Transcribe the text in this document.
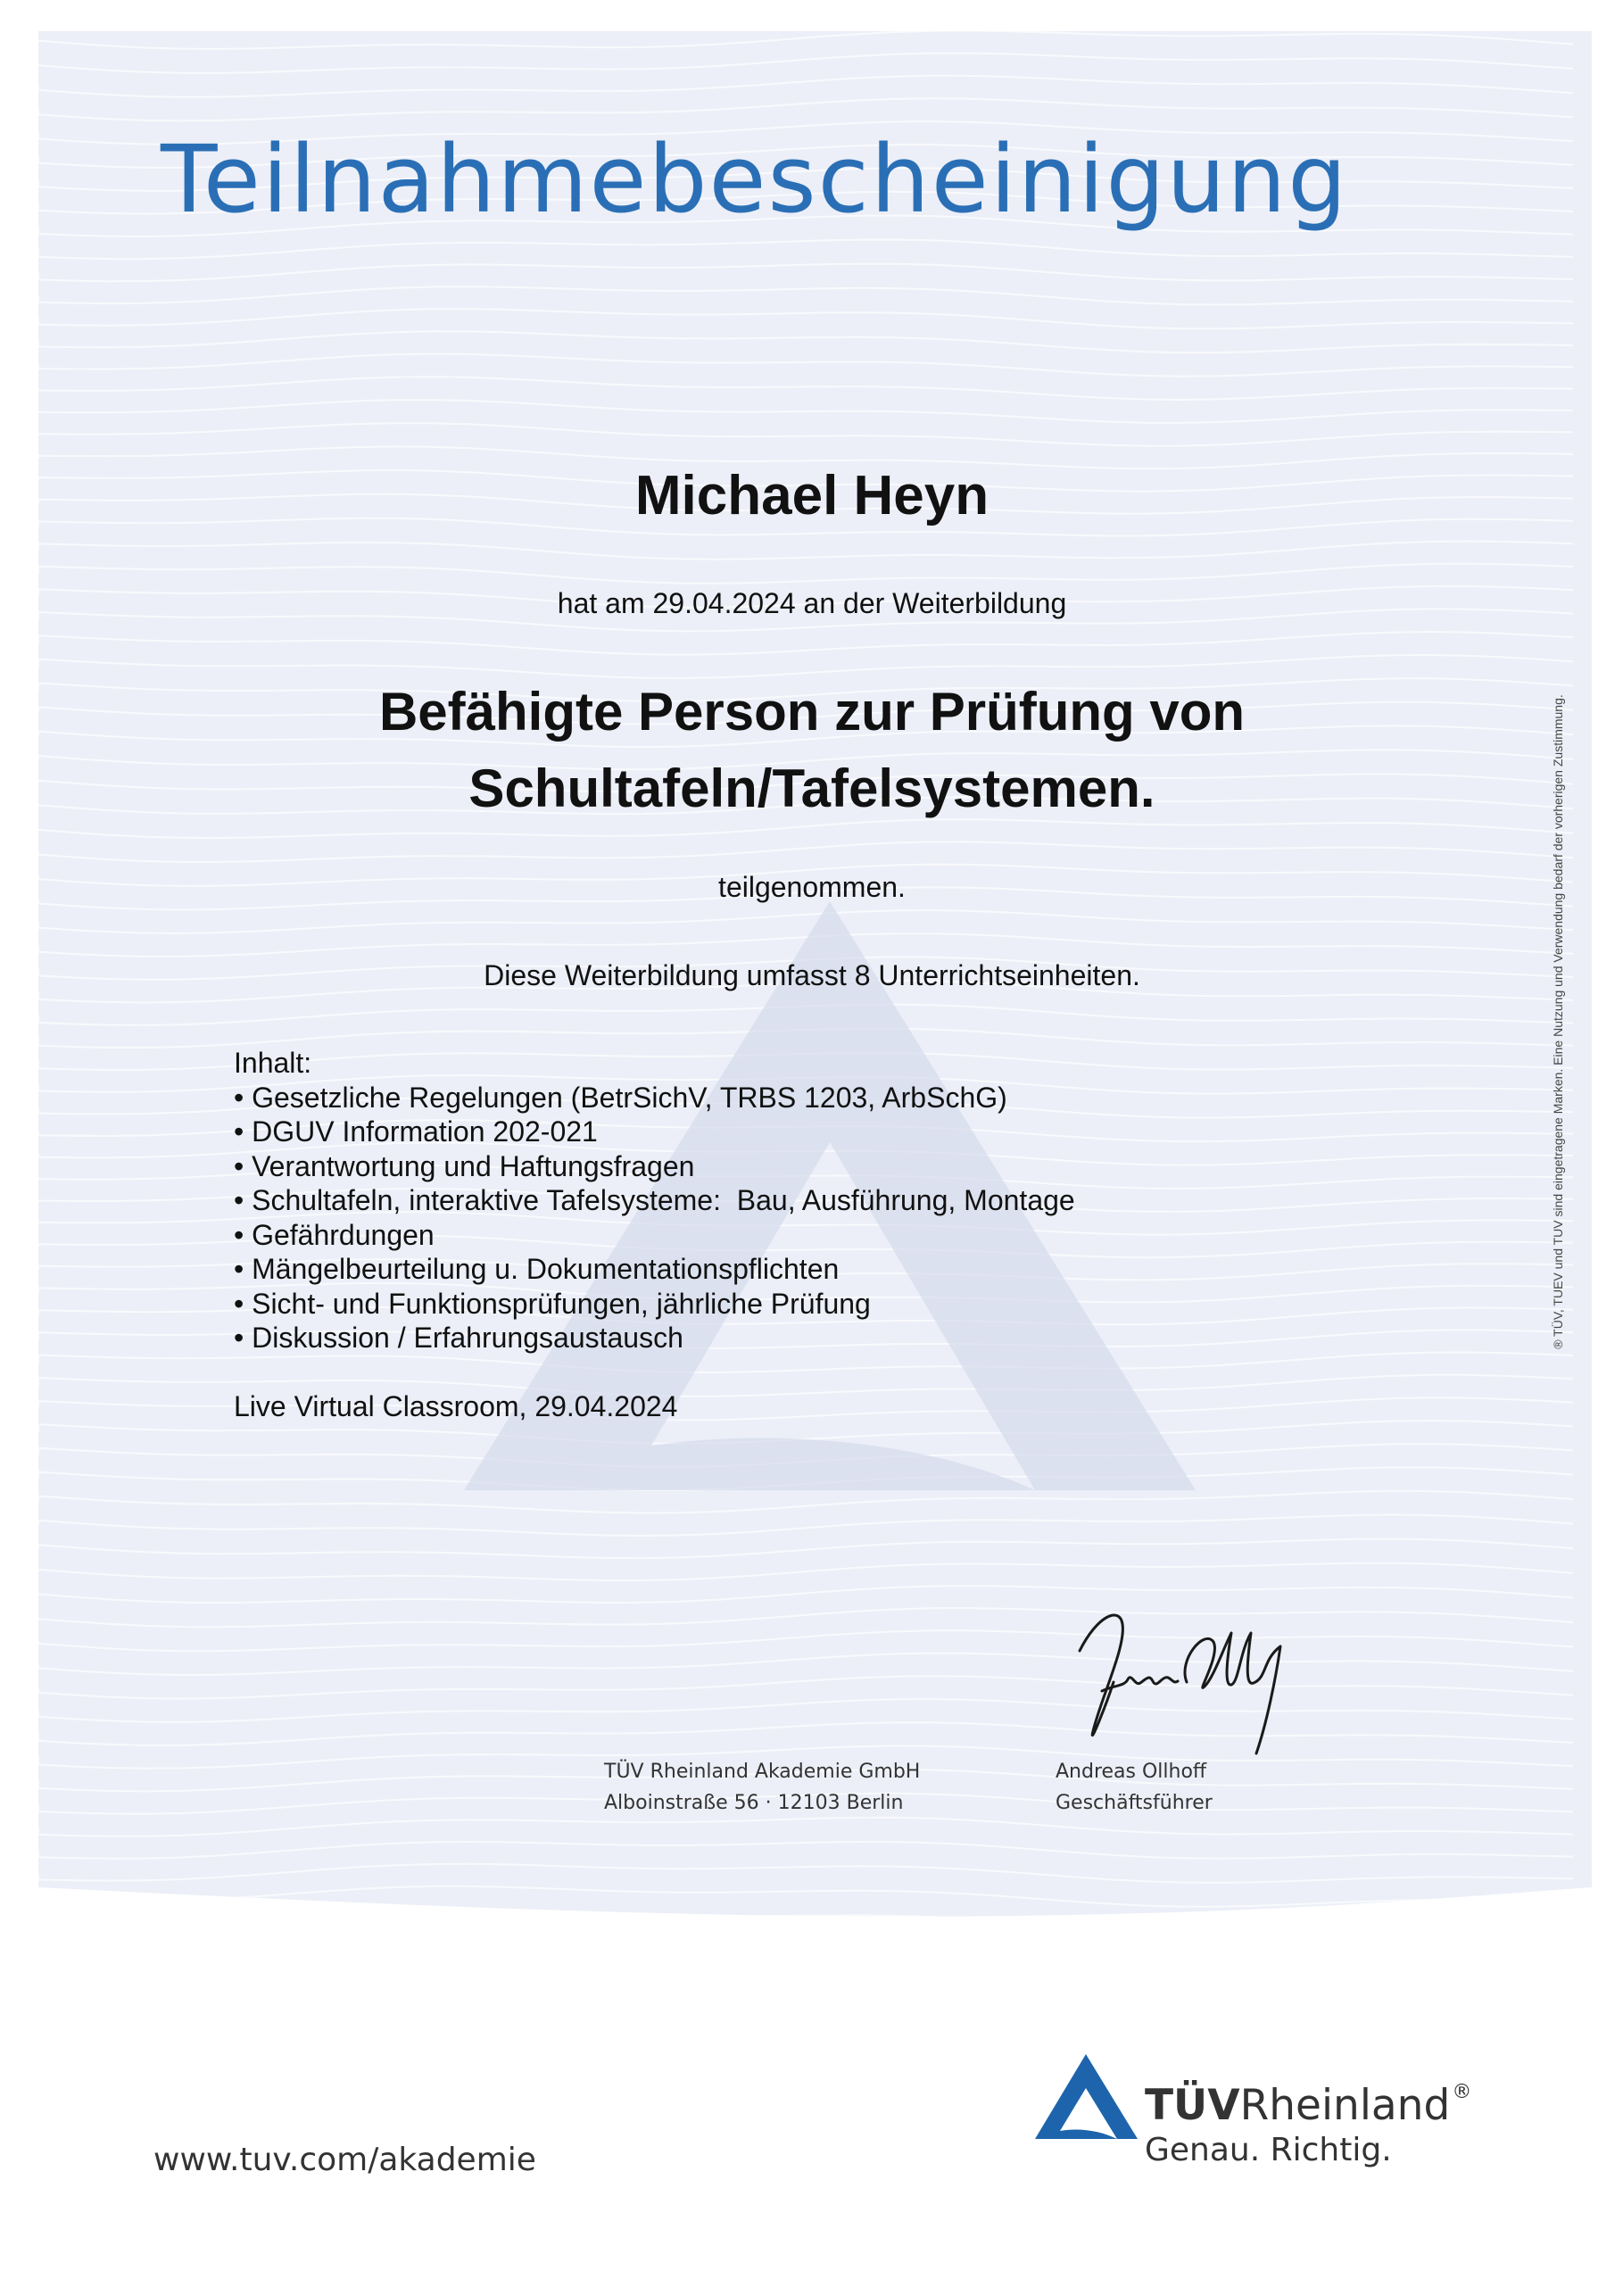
Teilnahmebescheinigung
Michael Heyn
hat am 29.04.2024 an der Weiterbildung
Befähigte Person zur Prüfung von
Schultafeln/Tafelsystemen.
teilgenommen.
Diese Weiterbildung umfasst 8 Unterrichtseinheiten.
Inhalt:
• Gesetzliche Regelungen (BetrSichV, TRBS 1203, ArbSchG)
• DGUV Information 202-021
• Verantwortung und Haftungsfragen
• Schultafeln, interaktive Tafelsysteme:  Bau, Ausführung, Montage
• Gefährdungen
• Mängelbeurteilung u. Dokumentationspflichten
• Sicht- und Funktionsprüfungen, jährliche Prüfung
• Diskussion / Erfahrungsaustausch
Live Virtual Classroom, 29.04.2024
TÜV Rheinland Akademie GmbH
Alboinstraße 56 · 12103 Berlin
Andreas Ollhoff
Geschäftsführer
® TÜV, TUEV und TUV sind eingetragene Marken. Eine Nutzung und Verwendung bedarf der vorherigen Zustimmung.
www.tuv.com/akademie
TÜVRheinland®
Genau. Richtig.
